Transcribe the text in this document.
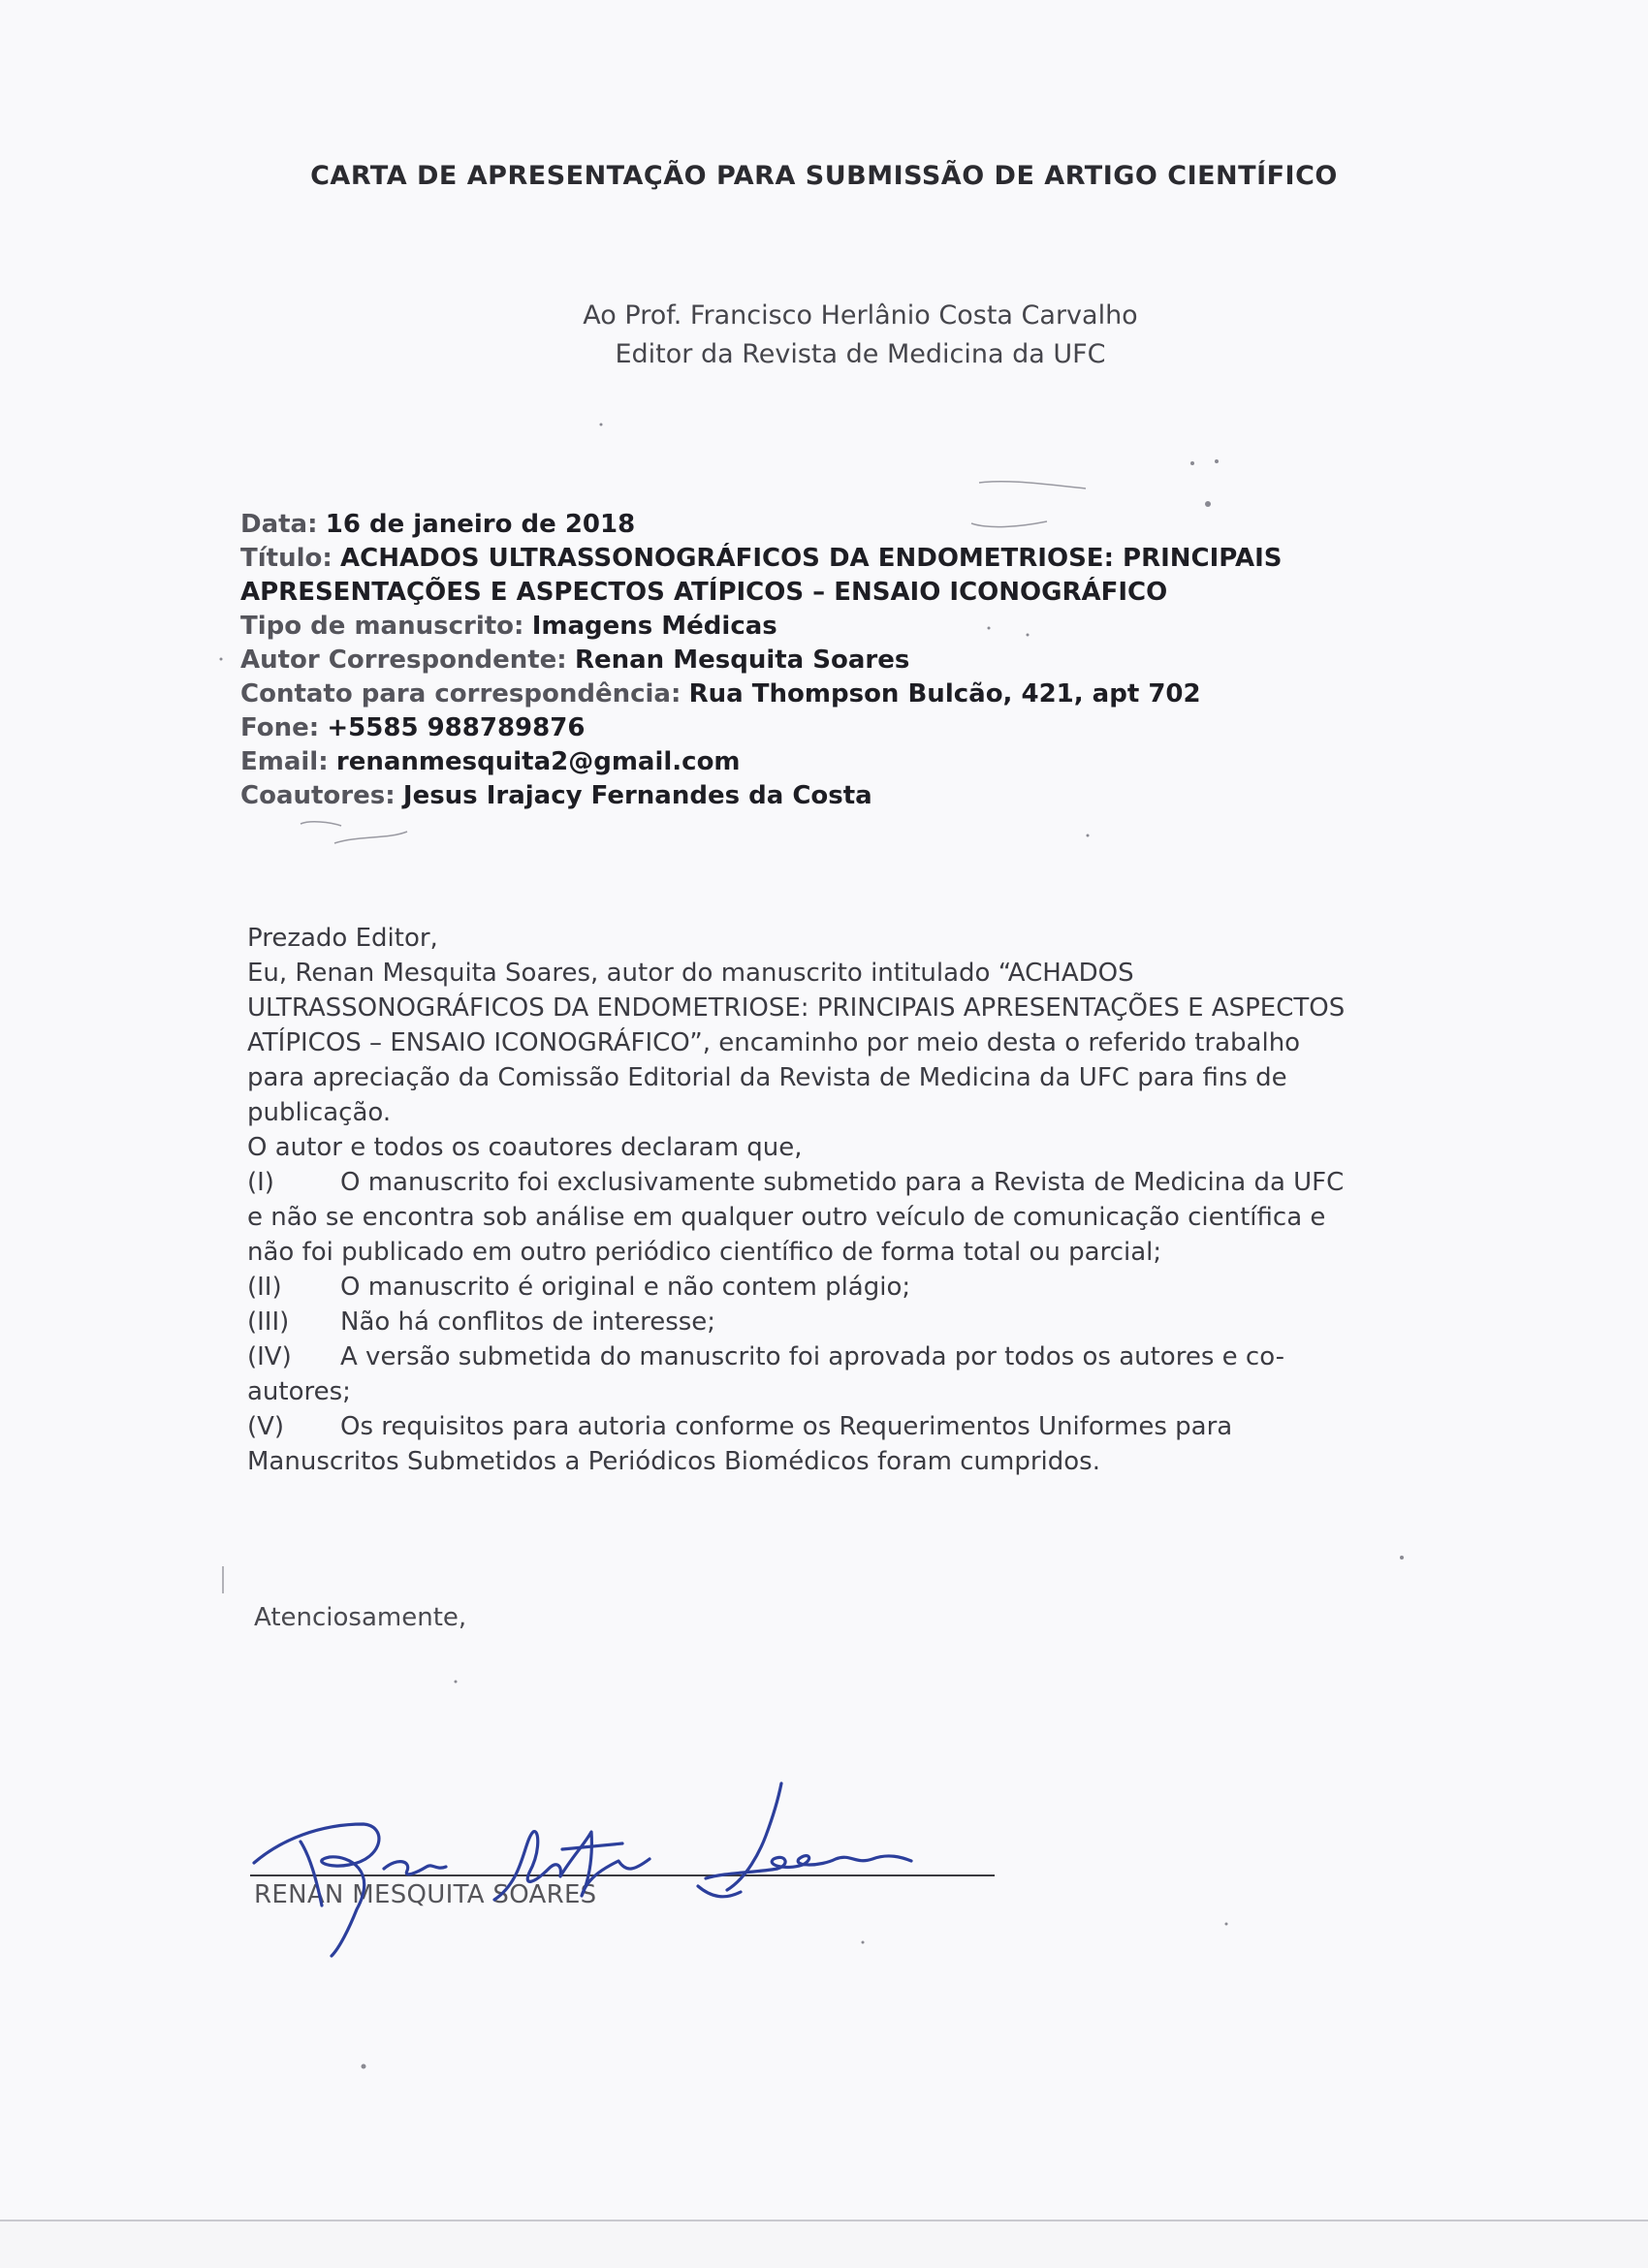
CARTA DE APRESENTAÇÃO PARA SUBMISSÃO DE ARTIGO CIENTÍFICO
Ao Prof. Francisco Herlânio Costa Carvalho
Editor da Revista de Medicina da UFC
Data: 16 de janeiro de 2018
Título: ACHADOS ULTRASSONOGRÁFICOS DA ENDOMETRIOSE: PRINCIPAIS
APRESENTAÇÕES E ASPECTOS ATÍPICOS – ENSAIO ICONOGRÁFICO
Tipo de manuscrito: Imagens Médicas
Autor Correspondente: Renan Mesquita Soares
Contato para correspondência: Rua Thompson Bulcão, 421, apt 702
Fone: +5585 988789876
Email: renanmesquita2@gmail.com
Coautores: Jesus Irajacy Fernandes da Costa

Prezado Editor,

Eu, Renan Mesquita Soares, autor do manuscrito intitulado “ACHADOS

ULTRASSONOGRÁFICOS DA ENDOMETRIOSE: PRINCIPAIS APRESENTAÇÕES E ASPECTOS

ATÍPICOS – ENSAIO ICONOGRÁFICO”, encaminho por meio desta o referido trabalho

para apreciação da Comissão Editorial da Revista de Medicina da UFC para fins de

publicação.

O autor e todos os coautores declaram que,

(I)	O manuscrito foi exclusivamente submetido para a Revista de Medicina da UFC

e não se encontra sob análise em qualquer outro veículo de comunicação científica e

não foi publicado em outro periódico científico de forma total ou parcial;

(II) O manuscrito é original e não contem plágio;

(III) Não há conflitos de interesse;

(IV) A versão submetida do manuscrito foi aprovada por todos os autores e co-

autores;

(V) Os requisitos para autoria conforme os Requerimentos Uniformes para

Manuscritos Submetidos a Periódicos Biomédicos foram cumpridos.

Atenciosamente,
RENAN MESQUITA SOARES
